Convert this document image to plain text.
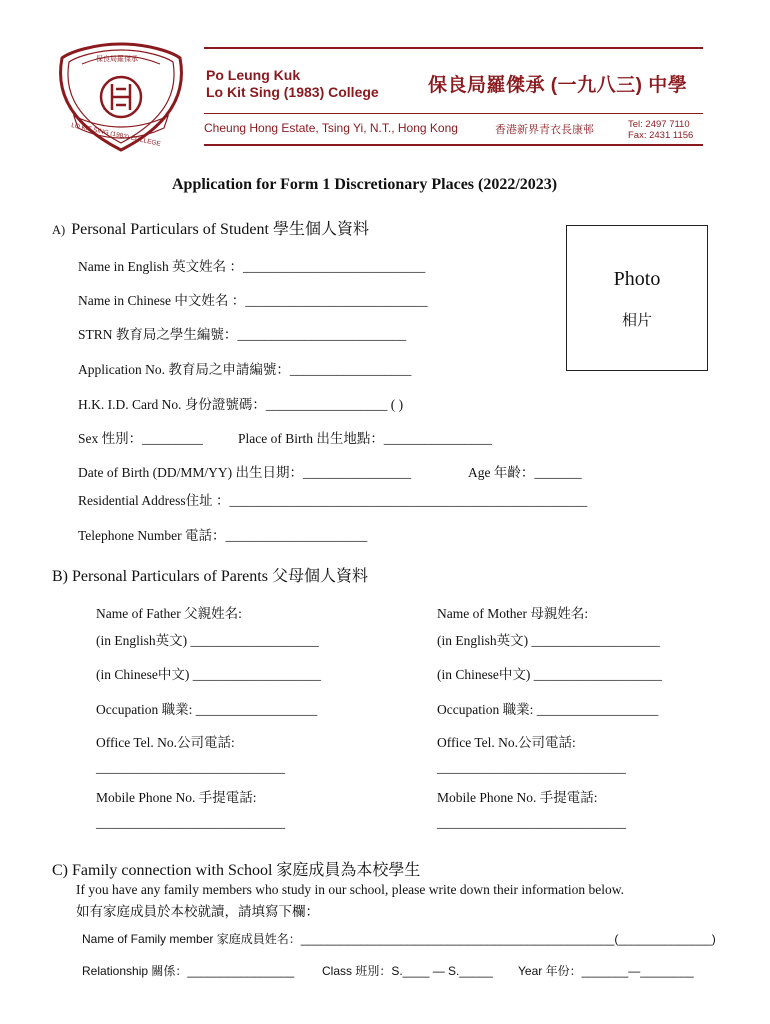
保良局羅傑承
LO KIT SING (1983) COLLEGE
Po Leung Kuk
Lo Kit Sing (1983) College	保良局羅傑承 (一九八三) 中學
Cheung Hong Estate, Tsing Yi, N.T., Hong Kong	香港新界青衣長康邨	Tel: 2497 7110
Fax: 2431 1156
Application for Form 1 Discretionary Places (2022/2023)
A) Personal Particulars of Student 學生個人資料
Photo
相片
Name in English 英文姓名 ：___________________________
Name in Chinese 中文姓名 ：___________________________
STRN 教育局之學生編號：_________________________
Application No. 教育局之申請編號：__________________
H.K. I.D. Card No. 身份證號碼：__________________ ( )
Sex 性別：_________	Place of Birth 出生地點：________________
Date of Birth (DD/MM/YY) 出生日期：________________	Age 年齡：_______
Residential Address住址 ：_____________________________________________________
Telephone Number 電話：_____________________
B) Personal Particulars of Parents 父母個人資料
Name of Father 父親姓名:
(in English英文) ___________________
(in Chinese中文) ___________________
Occupation 職業: __________________
Office Tel. No.公司電話:
____________________________
Mobile Phone No. 手提電話:
____________________________
Name of Mother 母親姓名:
(in English英文) ___________________
(in Chinese中文) ___________________
Occupation 職業: __________________
Office Tel. No.公司電話:
____________________________
Mobile Phone No. 手提電話:
____________________________
C) Family connection with School 家庭成員為本校學生
If you have any family members who study in our school, please write down their information below.
如有家庭成員於本校就讀，請填寫下欄：
Name of Family member 家庭成員姓名：_______________________________________________(______________)
Relationship 關係：________________ Class 班別：S.____ — S._____ Year 年份：_______—________
